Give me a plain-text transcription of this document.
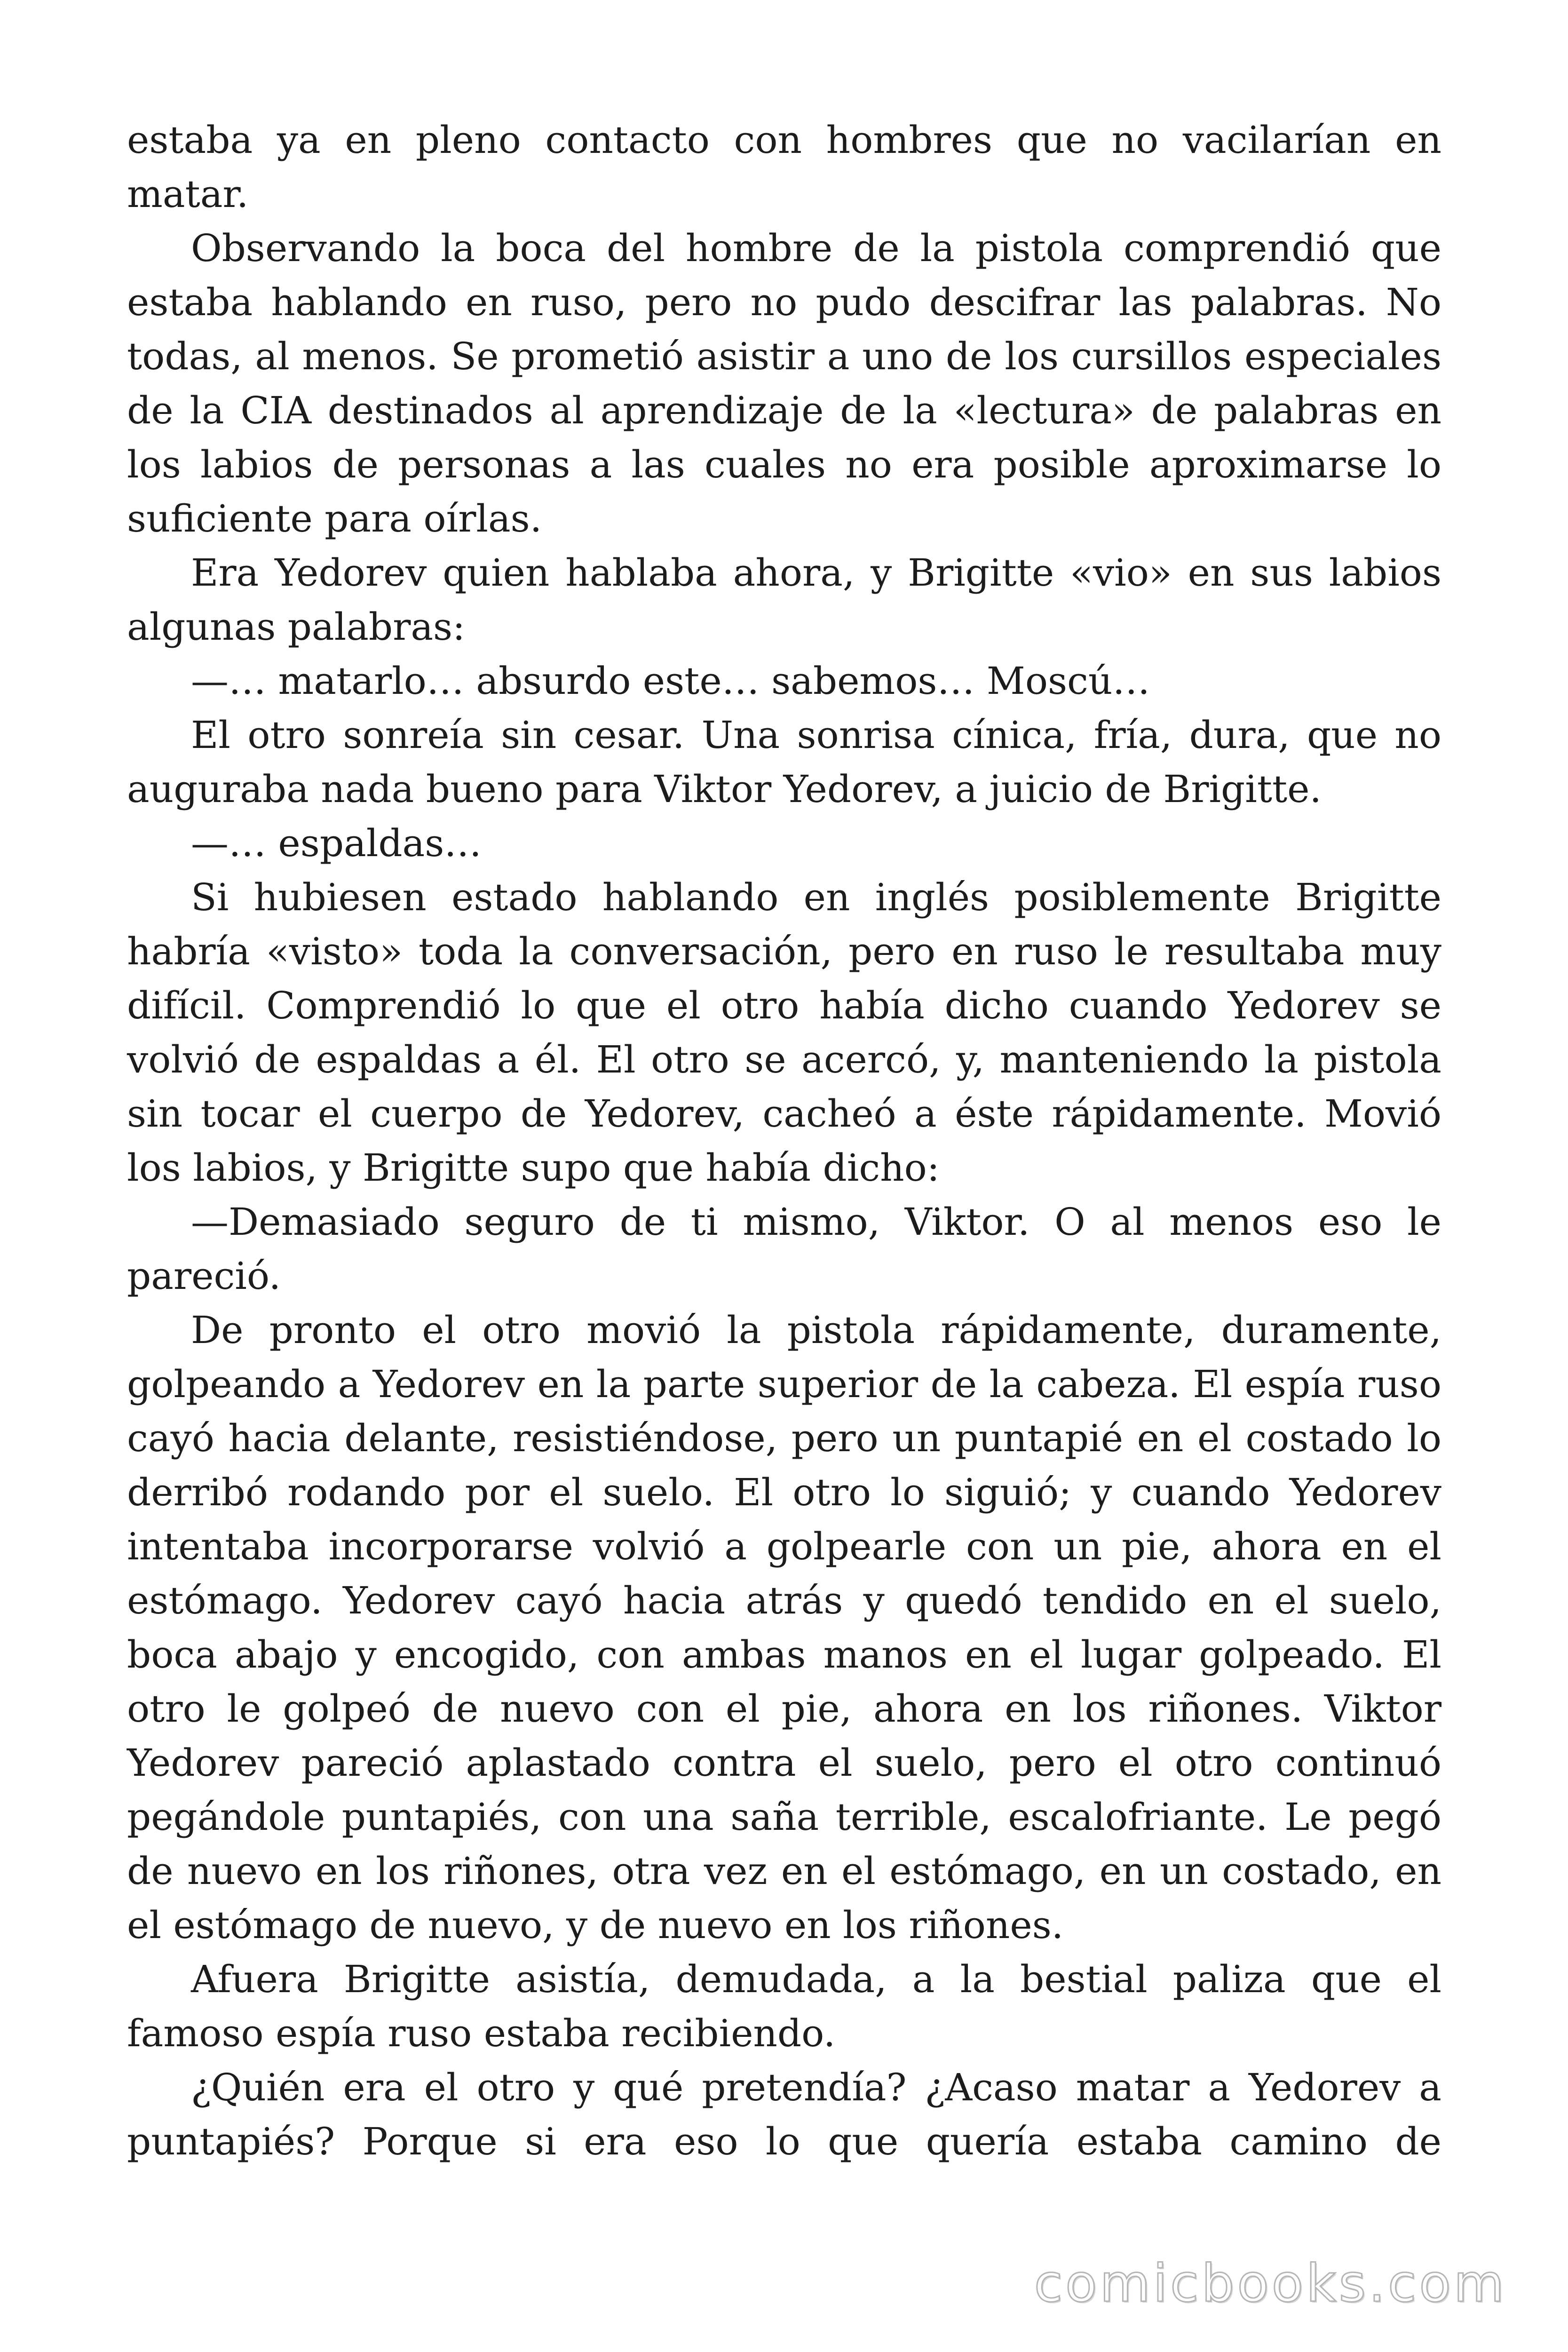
estaba ya en pleno contacto con hombres que no vacilarían en matar.

Observando la boca del hombre de la pistola comprendió que estaba hablando en ruso, pero no pudo descifrar las palabras. No todas, al menos. Se prometió asistir a uno de los cursillos especiales de la CIA destinados al aprendizaje de la «lectura» de palabras en los labios de personas a las cuales no era posible aproximarse lo suficiente para oírlas.

Era Yedorev quien hablaba ahora, y Brigitte «vio» en sus labios algunas palabras:

—… matarlo… absurdo este… sabemos… Moscú…

El otro sonreía sin cesar. Una sonrisa cínica, fría, dura, que no auguraba nada bueno para Viktor Yedorev, a juicio de Brigitte.

—… espaldas…

Si hubiesen estado hablando en inglés posiblemente Brigitte habría «visto» toda la conversación, pero en ruso le resultaba muy difícil. Comprendió lo que el otro había dicho cuando Yedorev se volvió de espaldas a él. El otro se acercó, y, manteniendo la pistola sin tocar el cuerpo de Yedorev, cacheó a éste rápidamente. Movió los labios, y Brigitte supo que había dicho:

—Demasiado seguro de ti mismo, Viktor. O al menos eso le pareció.

De pronto el otro movió la pistola rápidamente, duramente, golpeando a Yedorev en la parte superior de la cabeza. El espía ruso cayó hacia delante, resistiéndose, pero un puntapié en el costado lo derribó rodando por el suelo. El otro lo siguió; y cuando Yedorev intentaba incorporarse volvió a golpearle con un pie, ahora en el estómago. Yedorev cayó hacia atrás y quedó tendido en el suelo, boca abajo y encogido, con ambas manos en el lugar golpeado. El otro le golpeó de nuevo con el pie, ahora en los riñones. Viktor Yedorev pareció aplastado contra el suelo, pero el otro continuó pegándole puntapiés, con una saña terrible, escalofriante. Le pegó de nuevo en los riñones, otra vez en el estómago, en un costado, en el estómago de nuevo, y de nuevo en los riñones.

Afuera Brigitte asistía, demudada, a la bestial paliza que el famoso espía ruso estaba recibiendo.

¿Quién era el otro y qué pretendía? ¿Acaso matar a Yedorev a puntapiés? Porque si era eso lo que quería estaba camino de

comicbooks.com
